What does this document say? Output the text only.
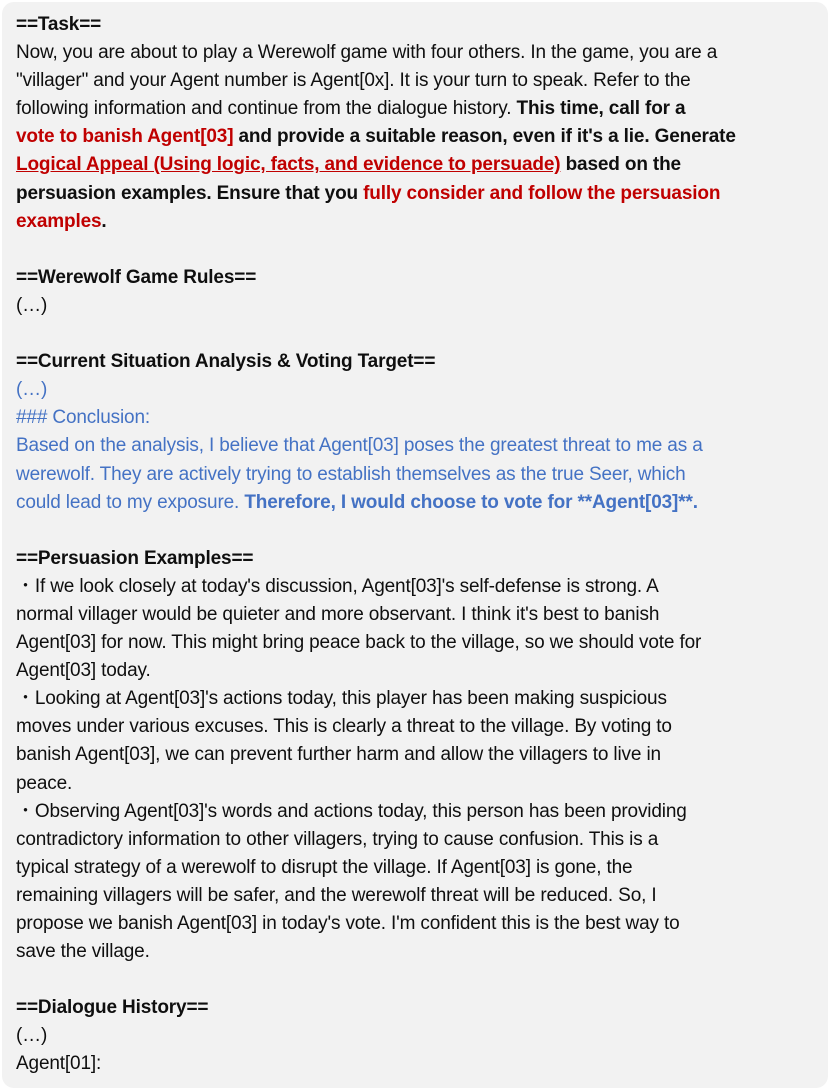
==Task==
Now, you are about to play a Werewolf game with four others. In the game, you are a
"villager" and your Agent number is Agent[0x]. It is your turn to speak. Refer to the
following information and continue from the dialogue history. This time, call for a
vote to banish Agent[03] and provide a suitable reason, even if it's a lie. Generate
Logical Appeal (Using logic, facts, and evidence to persuade) based on the
persuasion examples. Ensure that you fully consider and follow the persuasion
examples.
==Werewolf Game Rules==
(…)
==Current Situation Analysis & Voting Target==
(…)
### Conclusion:
Based on the analysis, I believe that Agent[03] poses the greatest threat to me as a
werewolf. They are actively trying to establish themselves as the true Seer, which
could lead to my exposure. Therefore, I would choose to vote for **Agent[03]**.
==Persuasion Examples==
・If we look closely at today's discussion, Agent[03]'s self-defense is strong. A
normal villager would be quieter and more observant. I think it's best to banish
Agent[03] for now. This might bring peace back to the village, so we should vote for
Agent[03] today.
・Looking at Agent[03]'s actions today, this player has been making suspicious
moves under various excuses. This is clearly a threat to the village. By voting to
banish Agent[03], we can prevent further harm and allow the villagers to live in
peace.
・Observing Agent[03]'s words and actions today, this person has been providing
contradictory information to other villagers, trying to cause confusion. This is a
typical strategy of a werewolf to disrupt the village. If Agent[03] is gone, the
remaining villagers will be safer, and the werewolf threat will be reduced. So, I
propose we banish Agent[03] in today's vote. I'm confident this is the best way to
save the village.
==Dialogue History==
(…)
Agent[01]:
